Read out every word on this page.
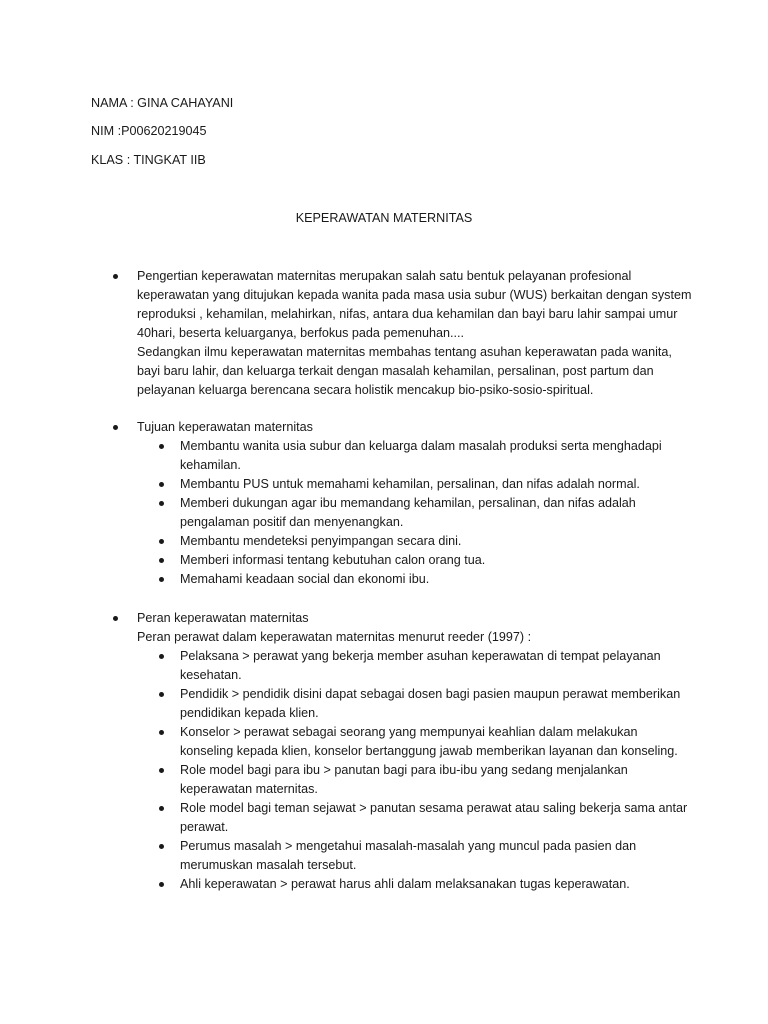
NAMA : GINA CAHAYANI
NIM :P00620219045
KLAS : TINGKAT IIB
KEPERAWATAN MATERNITAS

Pengertian keperawatan maternitas merupakan salah satu bentuk pelayanan profesional keperawatan yang ditujukan kepada wanita pada masa usia subur (WUS) berkaitan dengan system reproduksi , kehamilan, melahirkan, nifas, antara dua kehamilan dan bayi baru lahir sampai umur 40hari, beserta keluarganya, berfokus pada pemenuhan....

Sedangkan ilmu keperawatan maternitas membahas tentang asuhan keperawatan pada wanita, bayi baru lahir, dan keluarga terkait dengan masalah kehamilan, persalinan, post partum dan pelayanan keluarga berencana secara holistik mencakup bio-psiko-sosio-spiritual.

Tujuan keperawatan maternitas

Membantu wanita usia subur dan keluarga dalam masalah produksi serta menghadapi kehamilan.
Membantu PUS untuk memahami kehamilan, persalinan, dan nifas adalah normal.
Memberi dukungan agar ibu memandang kehamilan, persalinan, dan nifas adalah pengalaman positif dan menyenangkan.
Membantu mendeteksi penyimpangan secara dini.
Memberi informasi tentang kebutuhan calon orang tua.
Memahami keadaan social dan ekonomi ibu.

Peran keperawatan maternitas

Peran perawat dalam keperawatan maternitas menurut reeder (1997) :

Pelaksana > perawat yang bekerja member asuhan keperawatan di tempat pelayanan kesehatan.
Pendidik > pendidik disini dapat sebagai dosen bagi pasien maupun perawat memberikan pendidikan kepada klien.
Konselor > perawat sebagai seorang yang mempunyai keahlian dalam melakukan konseling kepada klien, konselor bertanggung jawab memberikan layanan dan konseling.
Role model bagi para ibu > panutan bagi para ibu-ibu yang sedang menjalankan keperawatan maternitas.
Role model bagi teman sejawat > panutan sesama perawat atau saling bekerja sama antar perawat.
Perumus masalah > mengetahui masalah-masalah yang muncul pada pasien dan merumuskan masalah tersebut.
Ahli keperawatan > perawat harus ahli dalam melaksanakan tugas keperawatan.
